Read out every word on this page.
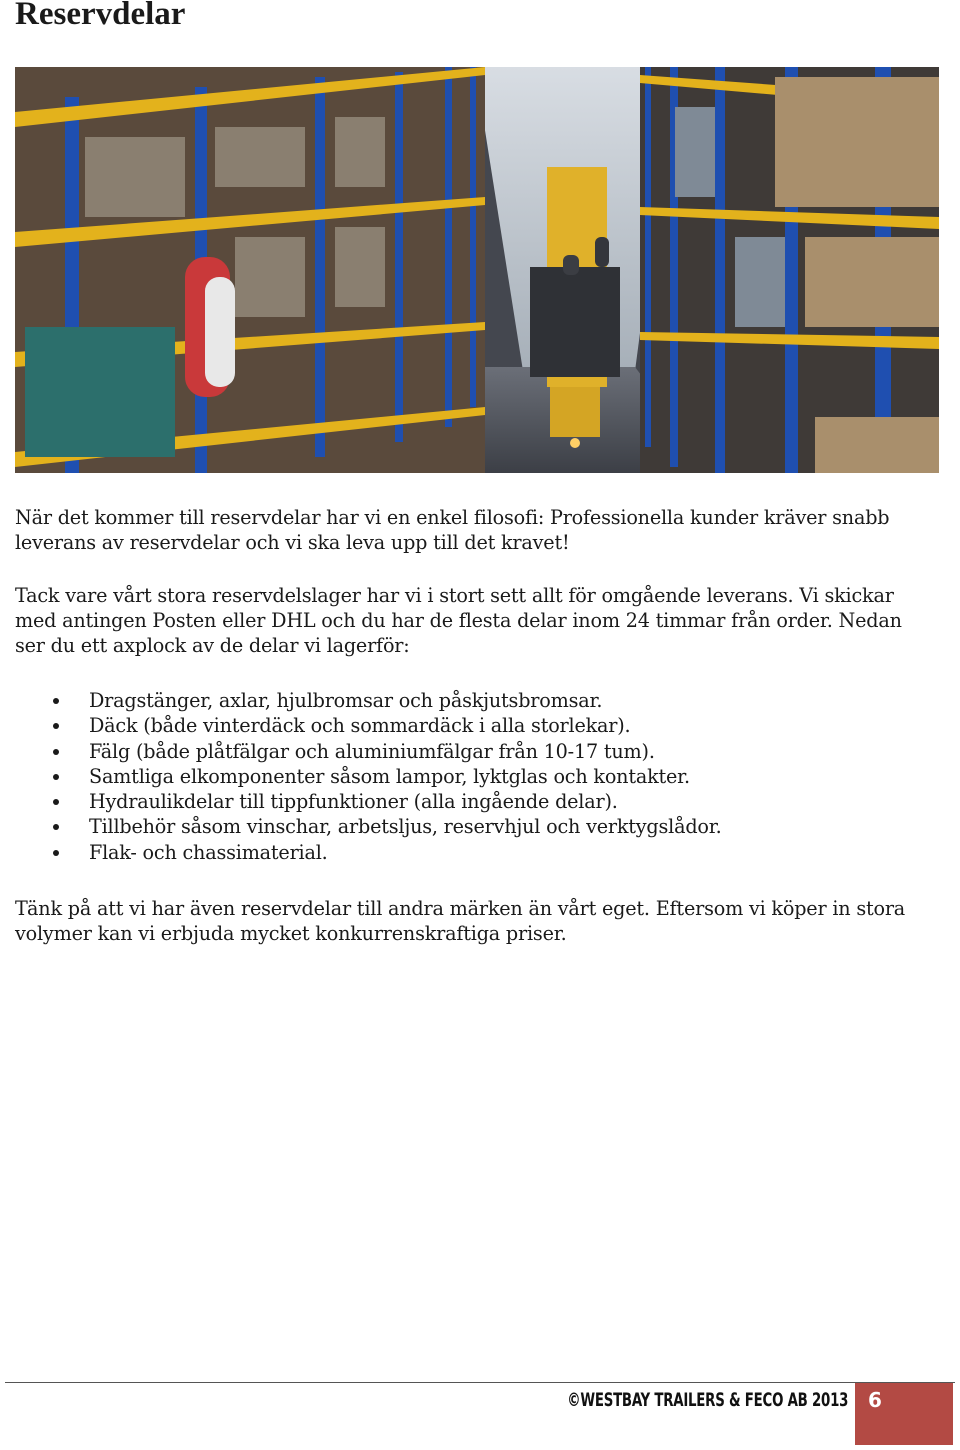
Reservdelar
När det kommer till reservdelar har vi en enkel filosofi: Professionella kunder kräver snabb
leverans av reservdelar och vi ska leva upp till det kravet!
Tack vare vårt stora reservdelslager har vi i stort sett allt för omgående leverans. Vi skickar
med antingen Posten eller DHL och du har de flesta delar inom 24 timmar från order. Nedan
ser du ett axplock av de delar vi lagerför:
Dragstänger, axlar, hjulbromsar och påskjutsbromsar.
Däck (både vinterdäck och sommardäck i alla storlekar).
Fälg (både plåtfälgar och aluminiumfälgar från 10-17 tum).
Samtliga elkomponenter såsom lampor, lyktglas och kontakter.
Hydraulikdelar till tippfunktioner (alla ingående delar).
Tillbehör såsom vinschar, arbetsljus, reservhjul och verktygslådor.
Flak- och chassimaterial.
Tänk på att vi har även reservdelar till andra märken än vårt eget. Eftersom vi köper in stora
volymer kan vi erbjuda mycket konkurrenskraftiga priser.
©WESTBAY TRAILERS & FECO AB 2013 6
